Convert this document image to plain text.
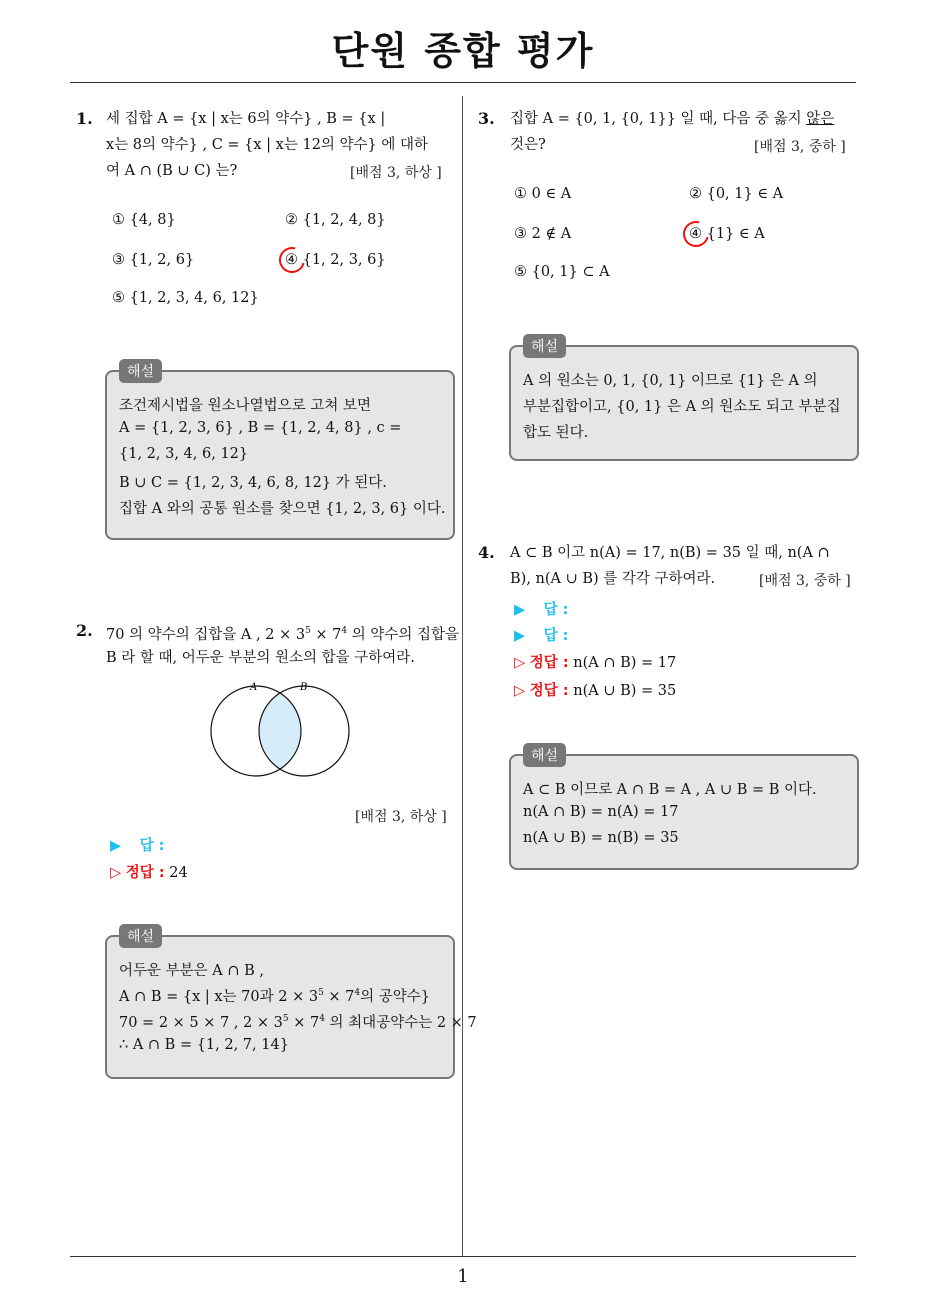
단원 종합 평가
1
1. 세 집합 A = {x | x는 6의 약수} , B = {x |
x는 8의 약수} , C = {x | x는 12의 약수} 에 대하
여 A ∩ (B ∪ C) 는?	[배점 3, 하상 ]
① {4, 8}	② {1, 2, 4, 8}
③ {1, 2, 6}	④ {1, 2, 3, 6}
⑤ {1, 2, 3, 4, 6, 12}
조건제시법을 원소나열법으로 고쳐 보면
A = {1, 2, 3, 6} , B = {1, 2, 4, 8} , c =
{1, 2, 3, 4, 6, 12}
B ∪ C = {1, 2, 3, 4, 6, 8, 12} 가 된다.
집합 A 와의 공통 원소를 찾으면 {1, 2, 3, 6} 이다.
해설
2. 70 의 약수의 집합을 A , $2 \times 3^5 \times 7^4$ 의 약수의 집합을
B 라 할 때, 어두운 부분의 원소의 합을 구하여라.
A	B
[배점 3, 하상 ]
▶ 답 :
▷ 정답 : 24
어두운 부분은 A ∩ B ,
A ∩ B = {x | x는 70과 $2 \times 3^5 \times 7^4$의 공약수}
70 = 2 × 5 × 7 , $2 \times 3^5 \times 7^4$ 의 최대공약수는 2 × 7
∴ A ∩ B = {1, 2, 7, 14}
해설
3. 집합 A = {0, 1, {0, 1}} 일 때, 다음 중 옳지 않은
것은?	[배점 3, 중하 ]
① 0 ∈ A	② {0, 1} ∈ A
③ 2 ∉ A	④ {1} ∈ A
⑤ {0, 1} ⊂ A
A 의 원소는 0, 1, {0, 1} 이므로 {1} 은 A 의
부분집합이고, {0, 1} 은 A 의 원소도 되고 부분집
합도 된다.
해설
4. A ⊂ B 이고 n(A) = 17, n(B) = 35 일 때, n(A ∩
B), n(A ∪ B) 를 각각 구하여라.	[배점 3, 중하 ]
▶ 답 :
▶ 답 :
▷ 정답 : n(A ∩ B) = 17
▷ 정답 : n(A ∪ B) = 35
A ⊂ B 이므로 A ∩ B = A , A ∪ B = B 이다.
n(A ∩ B) = n(A) = 17
n(A ∪ B) = n(B) = 35
해설
